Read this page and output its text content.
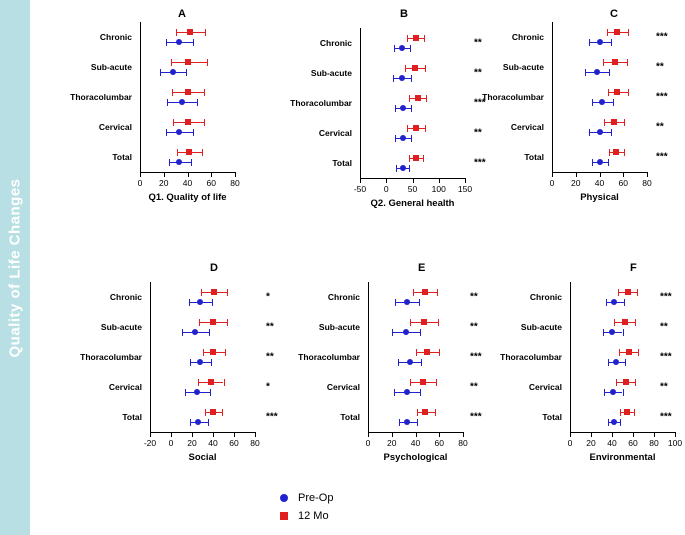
Quality of Life Changes
A
0 20 40 60 80
Q1. Quality of life
Chronic
Sub-acute
Thoracolumbar
Cervical
Total
B
-50 0 50 100 150
Q2. General health
Chronic	**
Sub-acute	**
Thoracolumbar	***
Cervical	**
Total	***
C
0 20 40 60 80
Physical
Chronic	***
Sub-acute	**
Thoracolumbar	***
Cervical	**
Total	***
D
-20 0 20 40 60 80
Social
Chronic	*
Sub-acute	**
Thoracolumbar	**
Cervical	*
Total	***
E
0 20 40 60 80
Psychological
Chronic	**
Sub-acute	**
Thoracolumbar	***
Cervical	**
Total	***
F
0 20 40 60 80 100
Environmental
Chronic	***
Sub-acute	**
Thoracolumbar	***
Cervical	**
Total	***
Pre-Op
12 Mo
